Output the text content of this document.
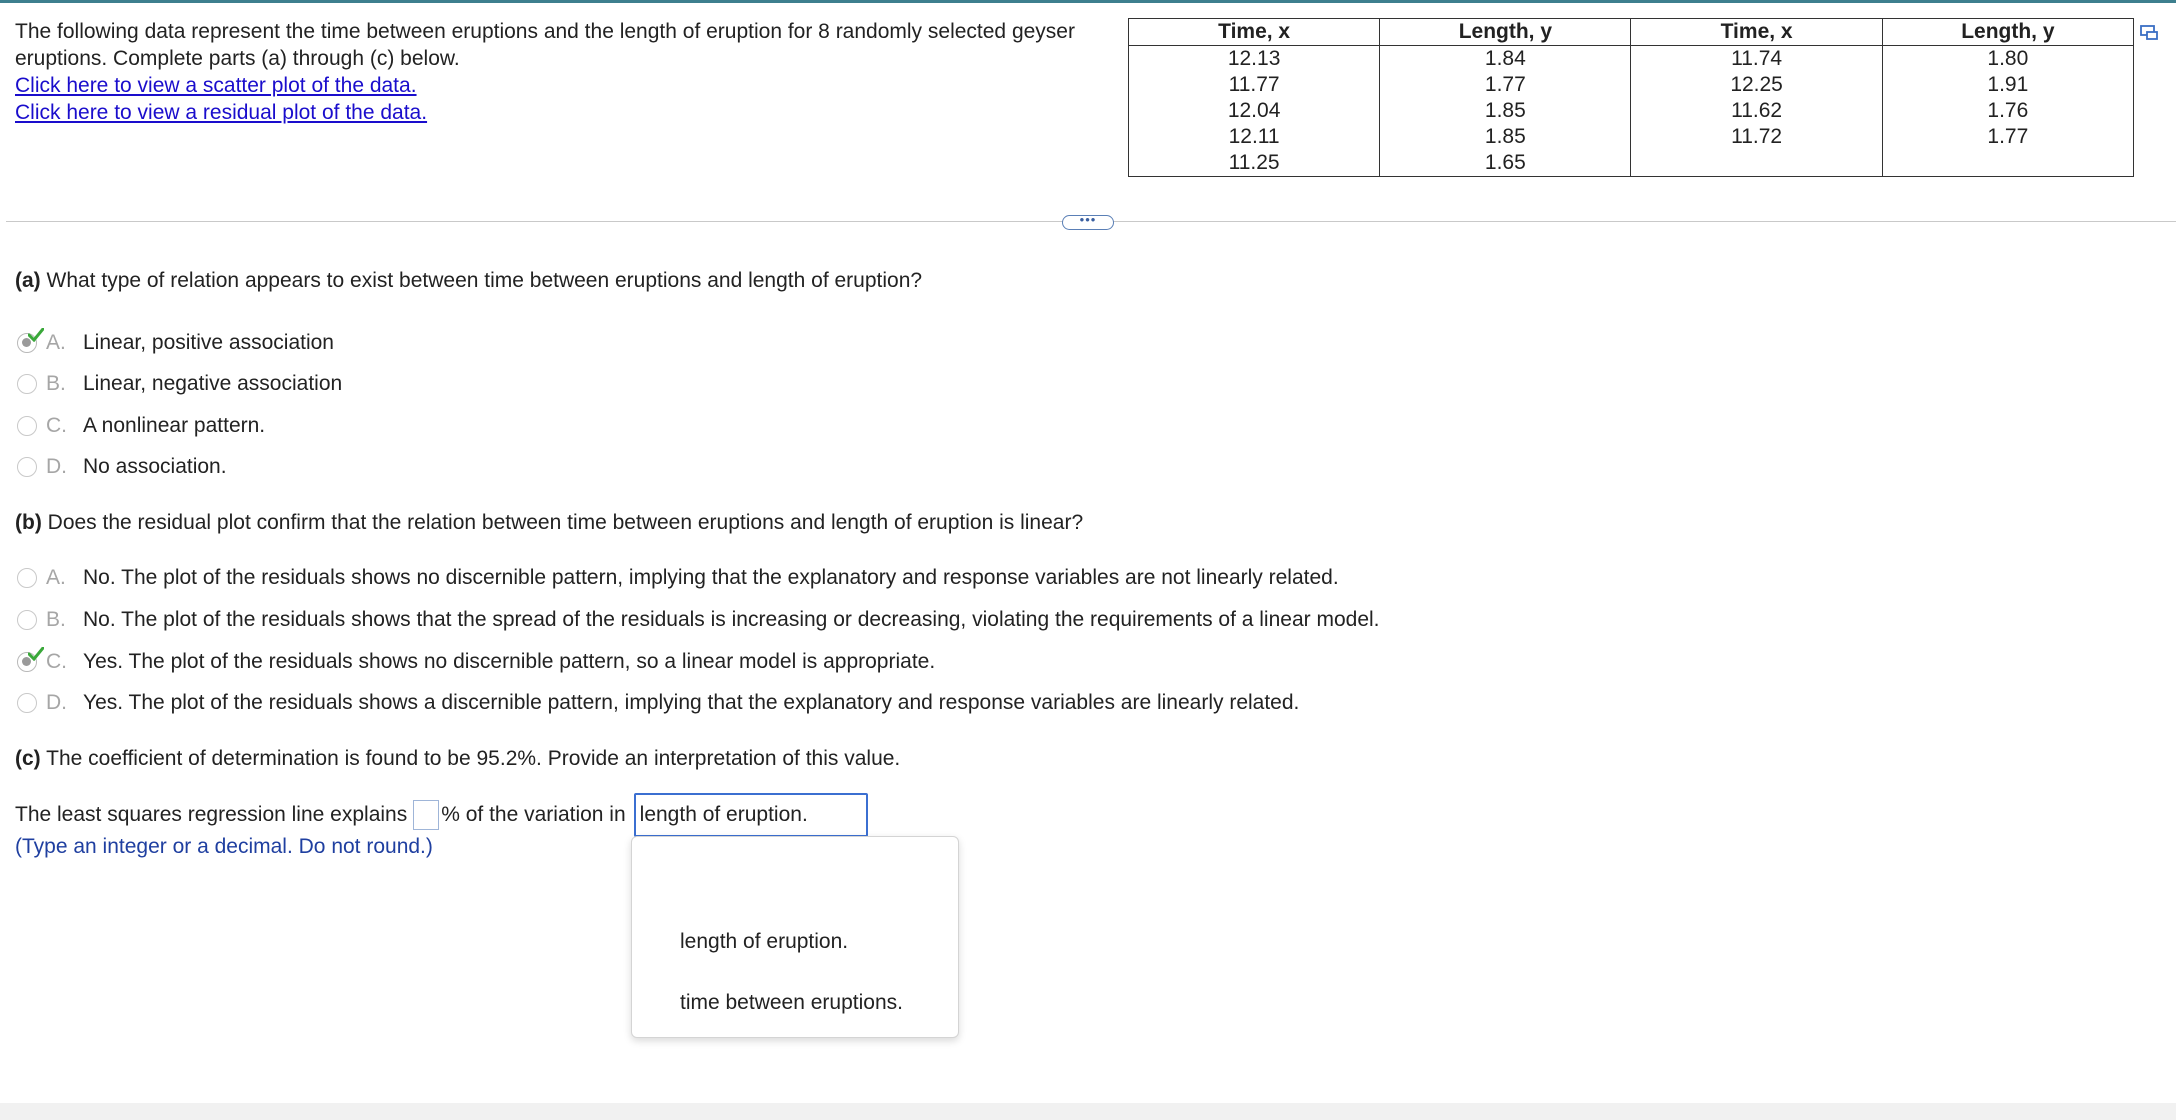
The following data represent the time between eruptions and the length of eruption for 8 randomly selected geyser eruptions. Complete parts (a) through (c) below.
Click here to view a scatter plot of the data.
Click here to view a residual plot of the data.
Time, x	Length, y	Time, x	Length, y
12.13	1.84	11.74	1.80
11.77	1.77	12.25	1.91
12.04	1.85	11.62	1.76
12.11	1.85	11.72	1.77
11.25	1.65		
•••
(a) What type of relation appears to exist between time between eruptions and length of eruption?
A. Linear, positive association
B. Linear, negative association
C. A nonlinear pattern.
D. No association.
(b) Does the residual plot confirm that the relation between time between eruptions and length of eruption is linear?
A. No. The plot of the residuals shows no discernible pattern, implying that the explanatory and response variables are not linearly related.
B. No. The plot of the residuals shows that the spread of the residuals is increasing or decreasing, violating the requirements of a linear model.
C. Yes. The plot of the residuals shows no discernible pattern, so a linear model is appropriate.
D. Yes. The plot of the residuals shows a discernible pattern, implying that the explanatory and response variables are linearly related.
(c) The coefficient of determination is found to be 95.2%. Provide an interpretation of this value.
The least squares regression line explains % of the variation in length of eruption.
(Type an integer or a decimal. Do not round.)
length of eruption.
time between eruptions.
